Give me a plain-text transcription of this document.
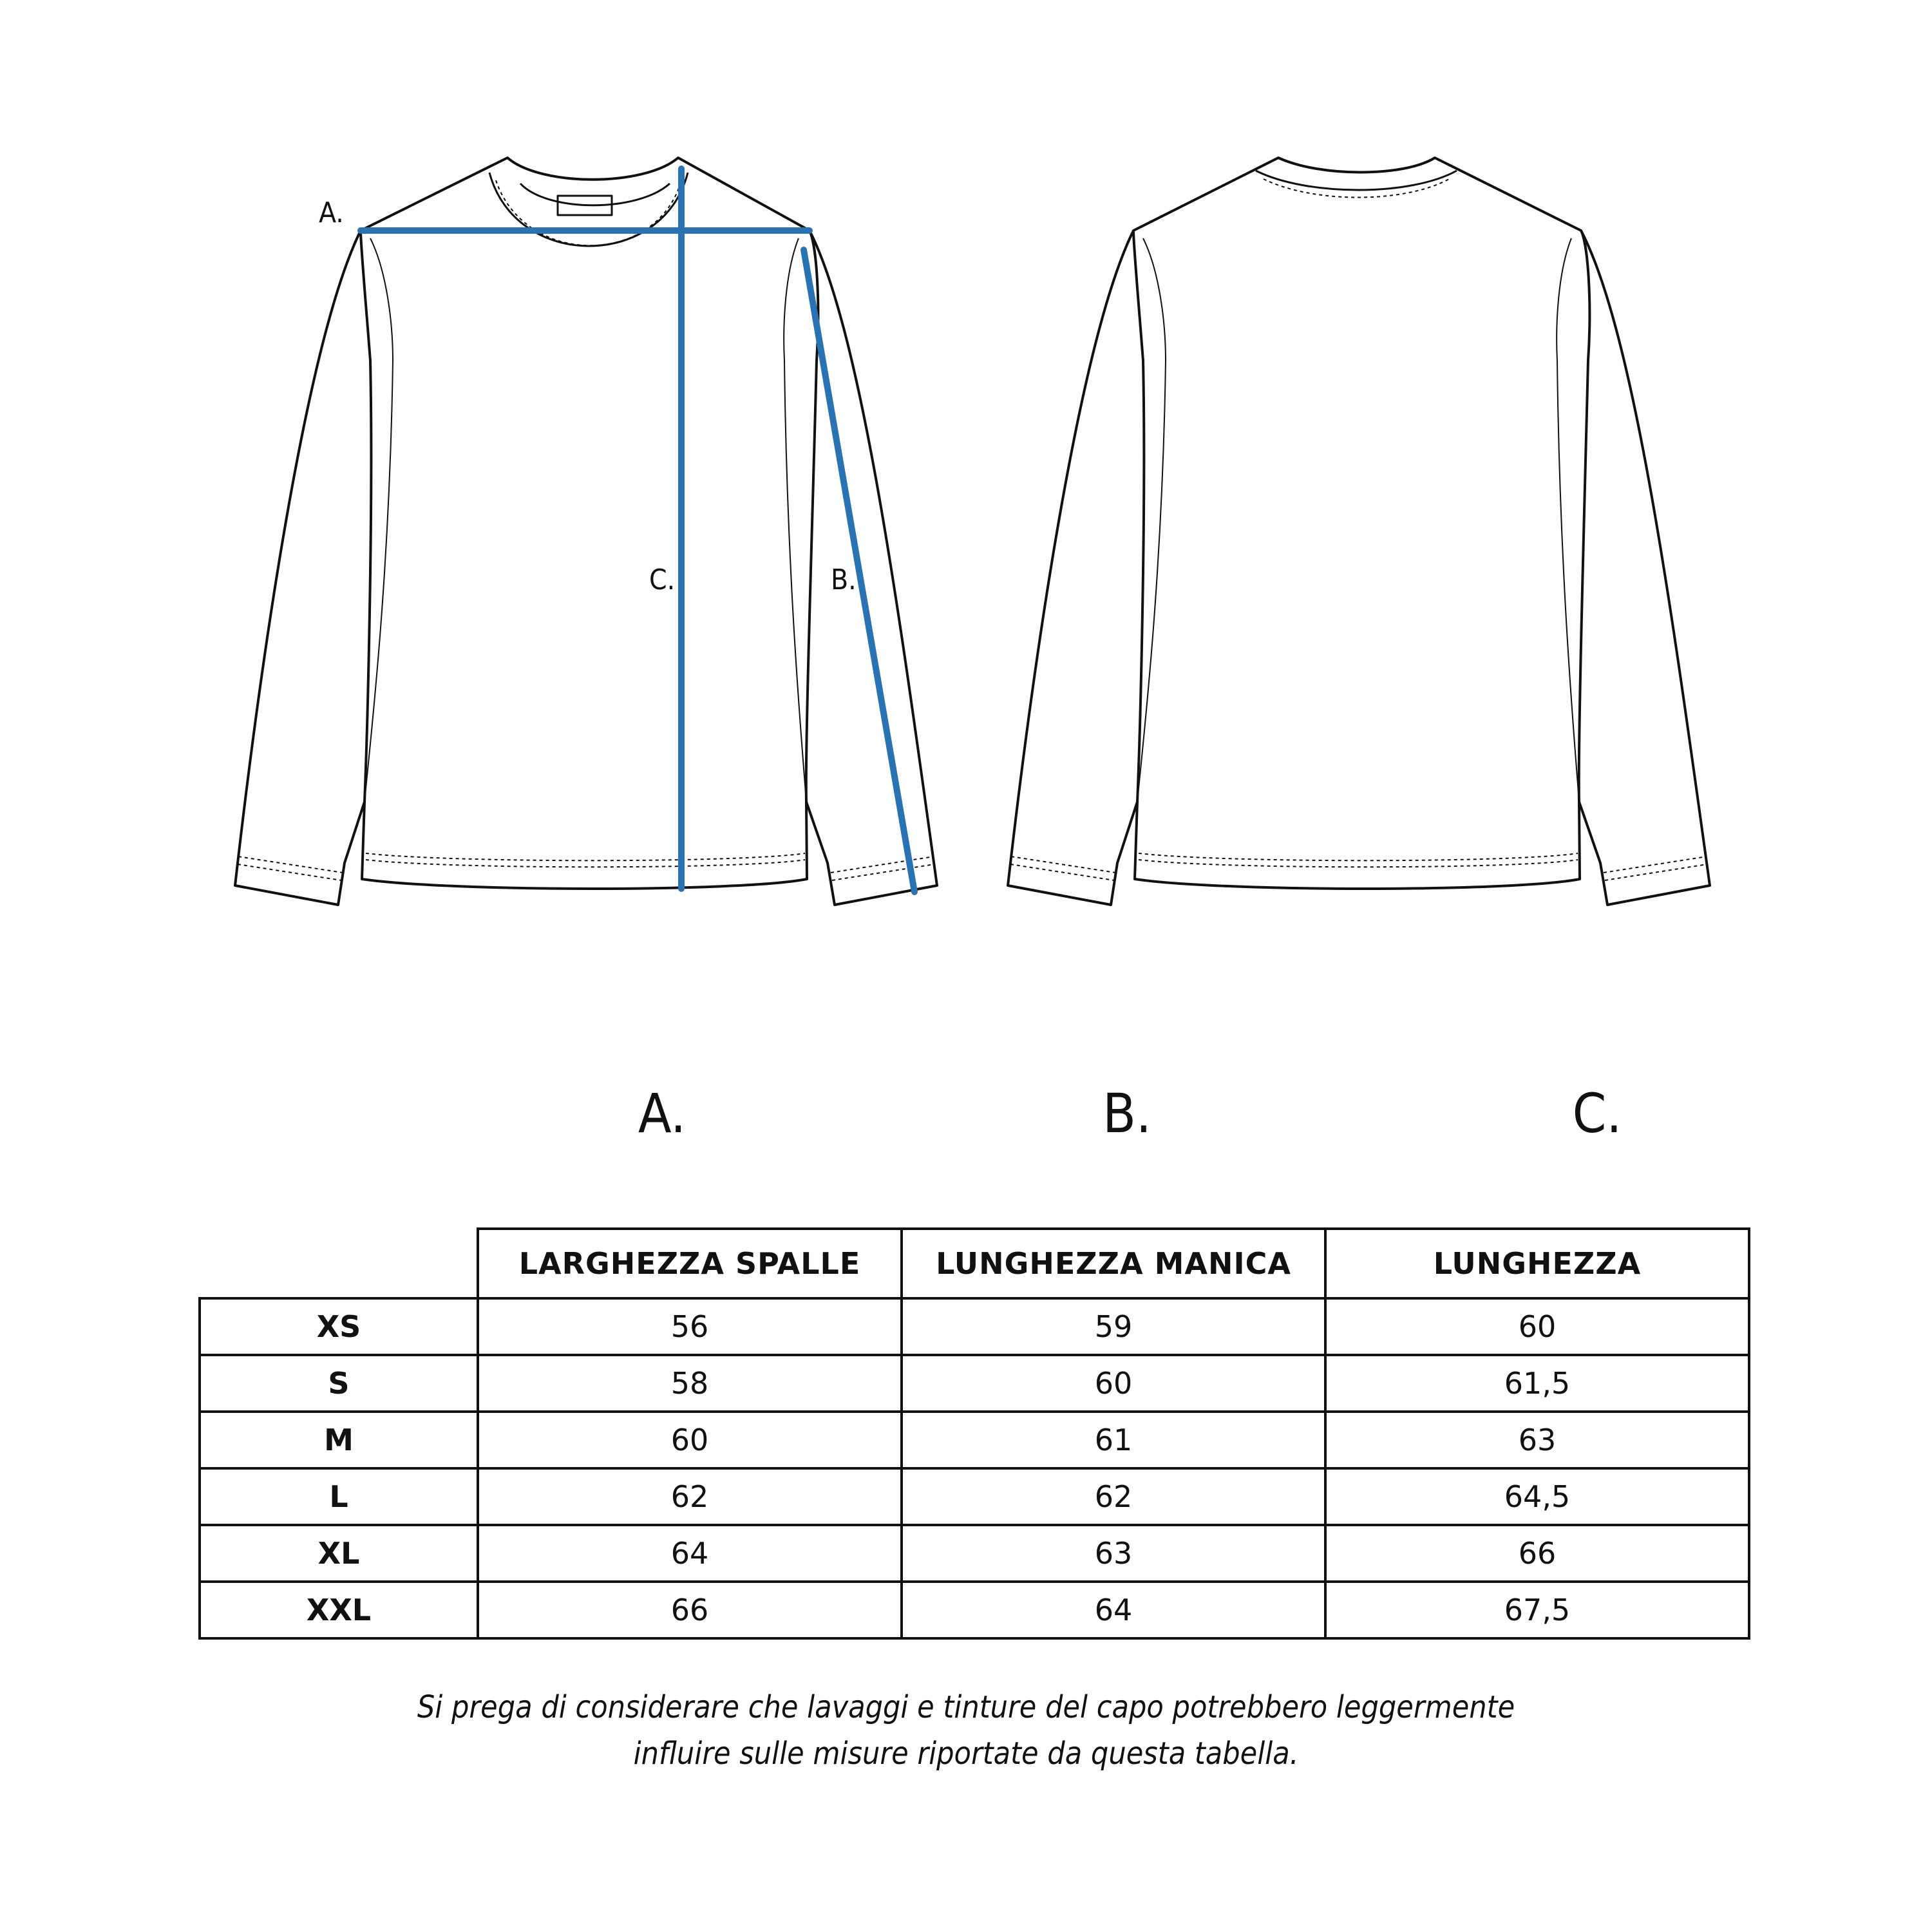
A.
C.	B.
A.	B.	C.
	LARGHEZZA SPALLE	LUNGHEZZA MANICA	LUNGHEZZA
XS	56	59	60
S	58	60	61,5
M	60	61	63
L	62	62	64,5
XL	64	63	66
XXL	66	64	67,5
Si prega di considerare che lavaggi e tinture del capo potrebbero leggermente
influire sulle misure riportate da questa tabella.
